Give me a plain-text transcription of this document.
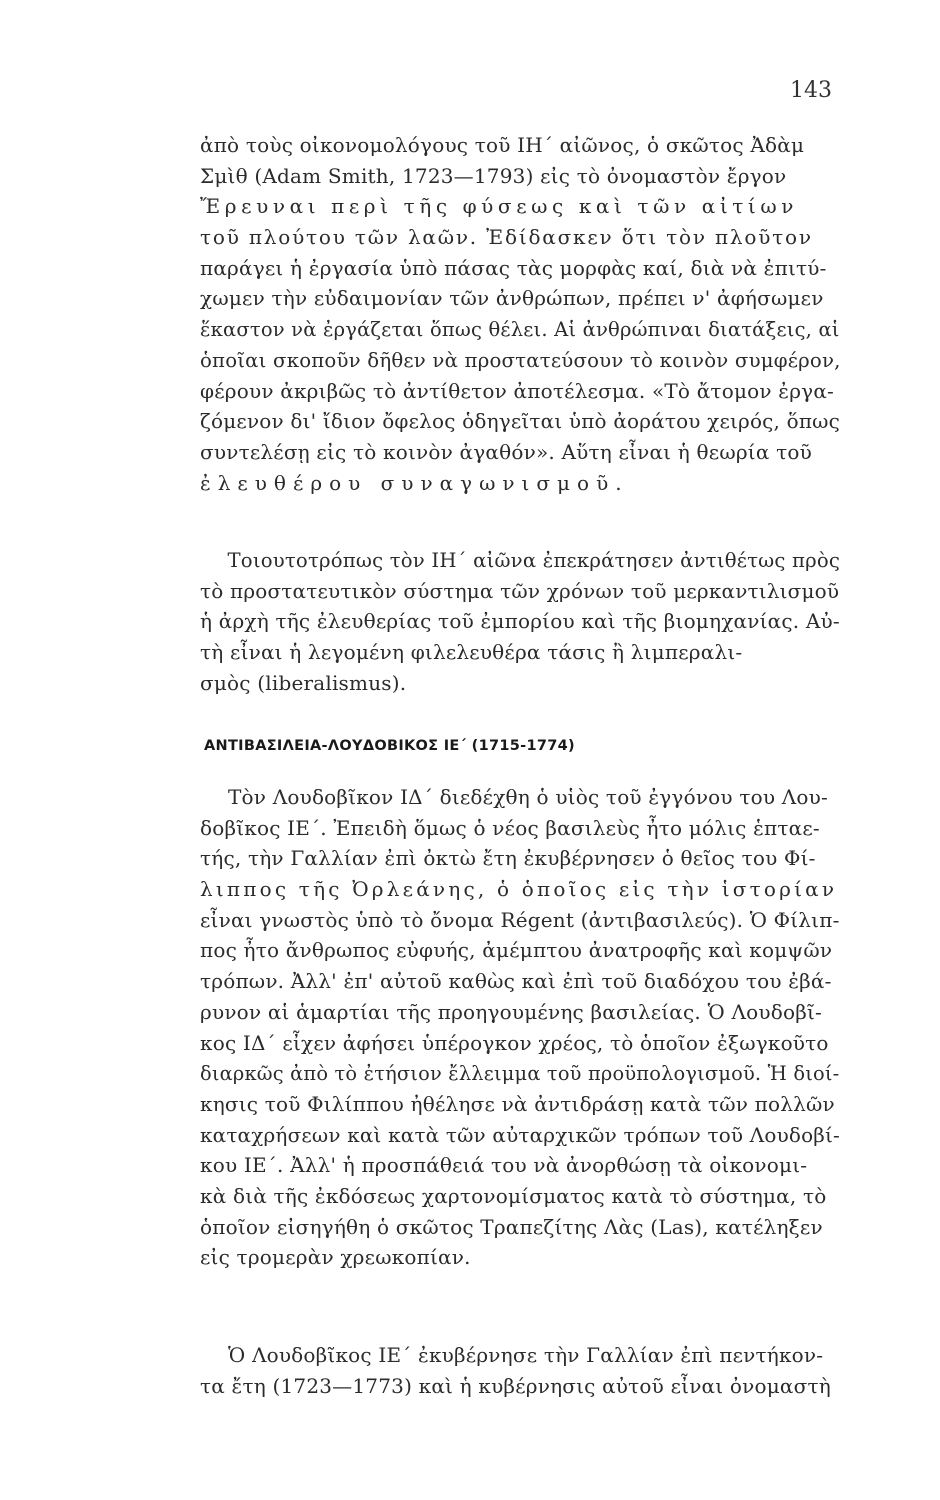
143
ἀπὸ τοὺς οἰκονομολόγους τοῦ ΙΗ΄ αἰῶνος, ὁ σκῶτος Ἀδὰμ
Σμὶθ (Adam Smith, 1723—1793) εἰς τὸ ὀνομαστὸν ἔργον
Ἔρευναι περὶ τῆς φύσεως καὶ τῶν αἰτίων
τοῦ πλούτου τῶν λαῶν. Ἐδίδασκεν ὅτι τὸν πλοῦτον
παράγει ἡ ἐργασία ὑπὸ πάσας τὰς μορφὰς καί, διὰ νὰ ἐπιτύ-
χωμεν τὴν εὐδαιμονίαν τῶν ἀνθρώπων, πρέπει ν' ἀφήσωμεν
ἕκαστον νὰ ἐργάζεται ὅπως θέλει. Αἱ ἀνθρώπιναι διατάξεις, αἱ
ὁποῖαι σκοποῦν δῆθεν νὰ προστατεύσουν τὸ κοινὸν συμφέρον,
φέρουν ἀκριβῶς τὸ ἀντίθετον ἀποτέλεσμα. «Τὸ ἄτομον ἐργα-
ζόμενον δι' ἴδιον ὄφελος ὁδηγεῖται ὑπὸ ἀοράτου χειρός, ὅπως
συντελέσῃ εἰς τὸ κοινὸν ἀγαθόν». Αὕτη εἶναι ἡ θεωρία τοῦ
ἐλευθέρου συναγωνισμοῦ.
Τοιουτοτρόπως τὸν ΙΗ΄ αἰῶνα ἐπεκράτησεν ἀντιθέτως πρὸς
τὸ προστατευτικὸν σύστημα τῶν χρόνων τοῦ μερκαντιλισμοῦ
ἡ ἀρχὴ τῆς ἐλευθερίας τοῦ ἐμπορίου καὶ τῆς βιομηχανίας. Αὐ-
τὴ εἶναι ἡ λεγομένη φιλελευθέρα τάσις ἢ λιμπεραλι-
σμὸς (liberalismus).
ΑΝΤΙΒΑΣΙΛΕΙΑ-ΛΟΥΔΟΒΙΚΟΣ ΙΕ΄ (1715-1774)
Τὸν Λουδοβῖκον ΙΔ΄ διεδέχθη ὁ υἱὸς τοῦ ἐγγόνου του Λου-
δοβῖκος ΙΕ΄. Ἐπειδὴ ὅμως ὁ νέος βασιλεὺς ἦτο μόλις ἑπταε-
τής, τὴν Γαλλίαν ἐπὶ ὀκτὼ ἔτη ἐκυβέρνησεν ὁ θεῖος του Φί-
λιππος τῆς Ὀρλεάνης, ὁ ὁποῖος εἰς τὴν ἱστορίαν
εἶναι γνωστὸς ὑπὸ τὸ ὄνομα Régent (ἀντιβασιλεύς). Ὁ Φίλιπ-
πος ἦτο ἄνθρωπος εὐφυής, ἀμέμπτου ἀνατροφῆς καὶ κομψῶν
τρόπων. Ἀλλ' ἐπ' αὐτοῦ καθὼς καὶ ἐπὶ τοῦ διαδόχου του ἐβά-
ρυνον αἱ ἁμαρτίαι τῆς προηγουμένης βασιλείας. Ὁ Λουδοβῖ-
κος ΙΔ΄ εἶχεν ἀφήσει ὑπέρογκον χρέος, τὸ ὁποῖον ἐξωγκοῦτο
διαρκῶς ἀπὸ τὸ ἐτήσιον ἔλλειμμα τοῦ προϋπολογισμοῦ. Ἡ διοί-
κησις τοῦ Φιλίππου ἠθέλησε νὰ ἀντιδράσῃ κατὰ τῶν πολλῶν
καταχρήσεων καὶ κατὰ τῶν αὐταρχικῶν τρόπων τοῦ Λουδοβί-
κου ΙΕ΄. Ἀλλ' ἡ προσπάθειά του νὰ ἀνορθώσῃ τὰ οἰκονομι-
κὰ διὰ τῆς ἐκδόσεως χαρτονομίσματος κατὰ τὸ σύστημα, τὸ
ὁποῖον εἰσηγήθη ὁ σκῶτος Τραπεζίτης Λὰς (Las), κατέληξεν
εἰς τρομερὰν χρεωκοπίαν.
Ὁ Λουδοβῖκος ΙΕ΄ ἐκυβέρνησε τὴν Γαλλίαν ἐπὶ πεντήκον-
τα ἔτη (1723—1773) καὶ ἡ κυβέρνησις αὐτοῦ εἶναι ὀνομαστὴ
